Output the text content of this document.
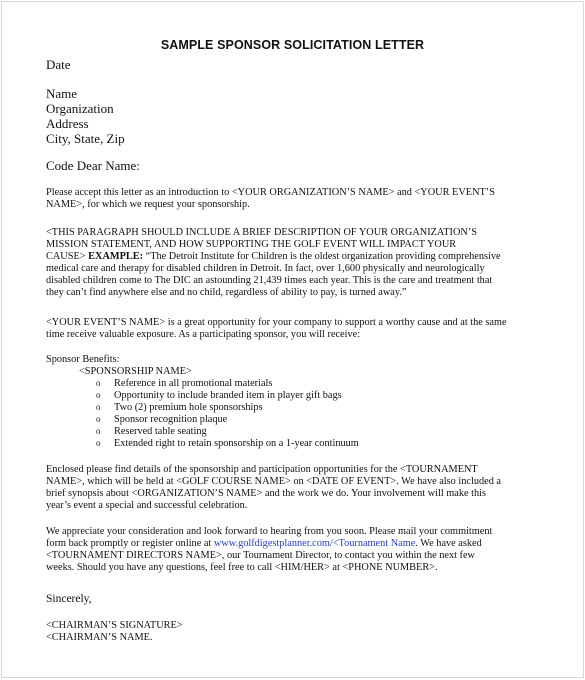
SAMPLE SPONSOR SOLICITATION LETTER
Date
Name
Organization
Address
City, State, Zip
Code Dear Name:
Please accept this letter as an introduction to <YOUR ORGANIZATION’S NAME> and <YOUR EVENT’S
NAME>, for which we request your sponsorship.
<THIS PARAGRAPH SHOULD INCLUDE A BRIEF DESCRIPTION OF YOUR ORGANIZATION’S
MISSION STATEMENT, AND HOW SUPPORTING THE GOLF EVENT WILL IMPACT YOUR
CAUSE> EXAMPLE: “The Detroit Institute for Children is the oldest organization providing comprehensive
medical care and therapy for disabled children in Detroit. In fact, over 1,600 physically and neurologically
disabled children come to The DIC an astounding 21,439 times each year. This is the care and treatment that
they can’t find anywhere else and no child, regardless of ability to pay, is turned away.”
<YOUR EVENT’S NAME> is a great opportunity for your company to support a worthy cause and at the same
time receive valuable exposure. As a participating sponsor, you will receive:
Sponsor Benefits:
<SPONSORSHIP NAME>
o Reference in all promotional materials
o Opportunity to include branded item in player gift bags
o Two (2) premium hole sponsorships
o Sponsor recognition plaque
o Reserved table seating
o Extended right to retain sponsorship on a 1-year continuum
Enclosed please find details of the sponsorship and participation opportunities for the <TOURNAMENT
NAME>, which will be held at <GOLF COURSE NAME> on <DATE OF EVENT>. We have also included a
brief synopsis about <ORGANIZATION’S NAME> and the work we do. Your involvement will make this
year’s event a special and successful celebration.
We appreciate your consideration and look forward to hearing from you soon. Please mail your commitment
form back promptly or register online at www.golfdigestplanner.com/<Tournament Name. We have asked
<TOURNAMENT DIRECTORS NAME>, our Tournament Director, to contact you within the next few
weeks. Should you have any questions, feel free to call <HIM/HER> at <PHONE NUMBER>.
Sincerely,
<CHAIRMAN’S SIGNATURE>
<CHAIRMAN’S NAME.
